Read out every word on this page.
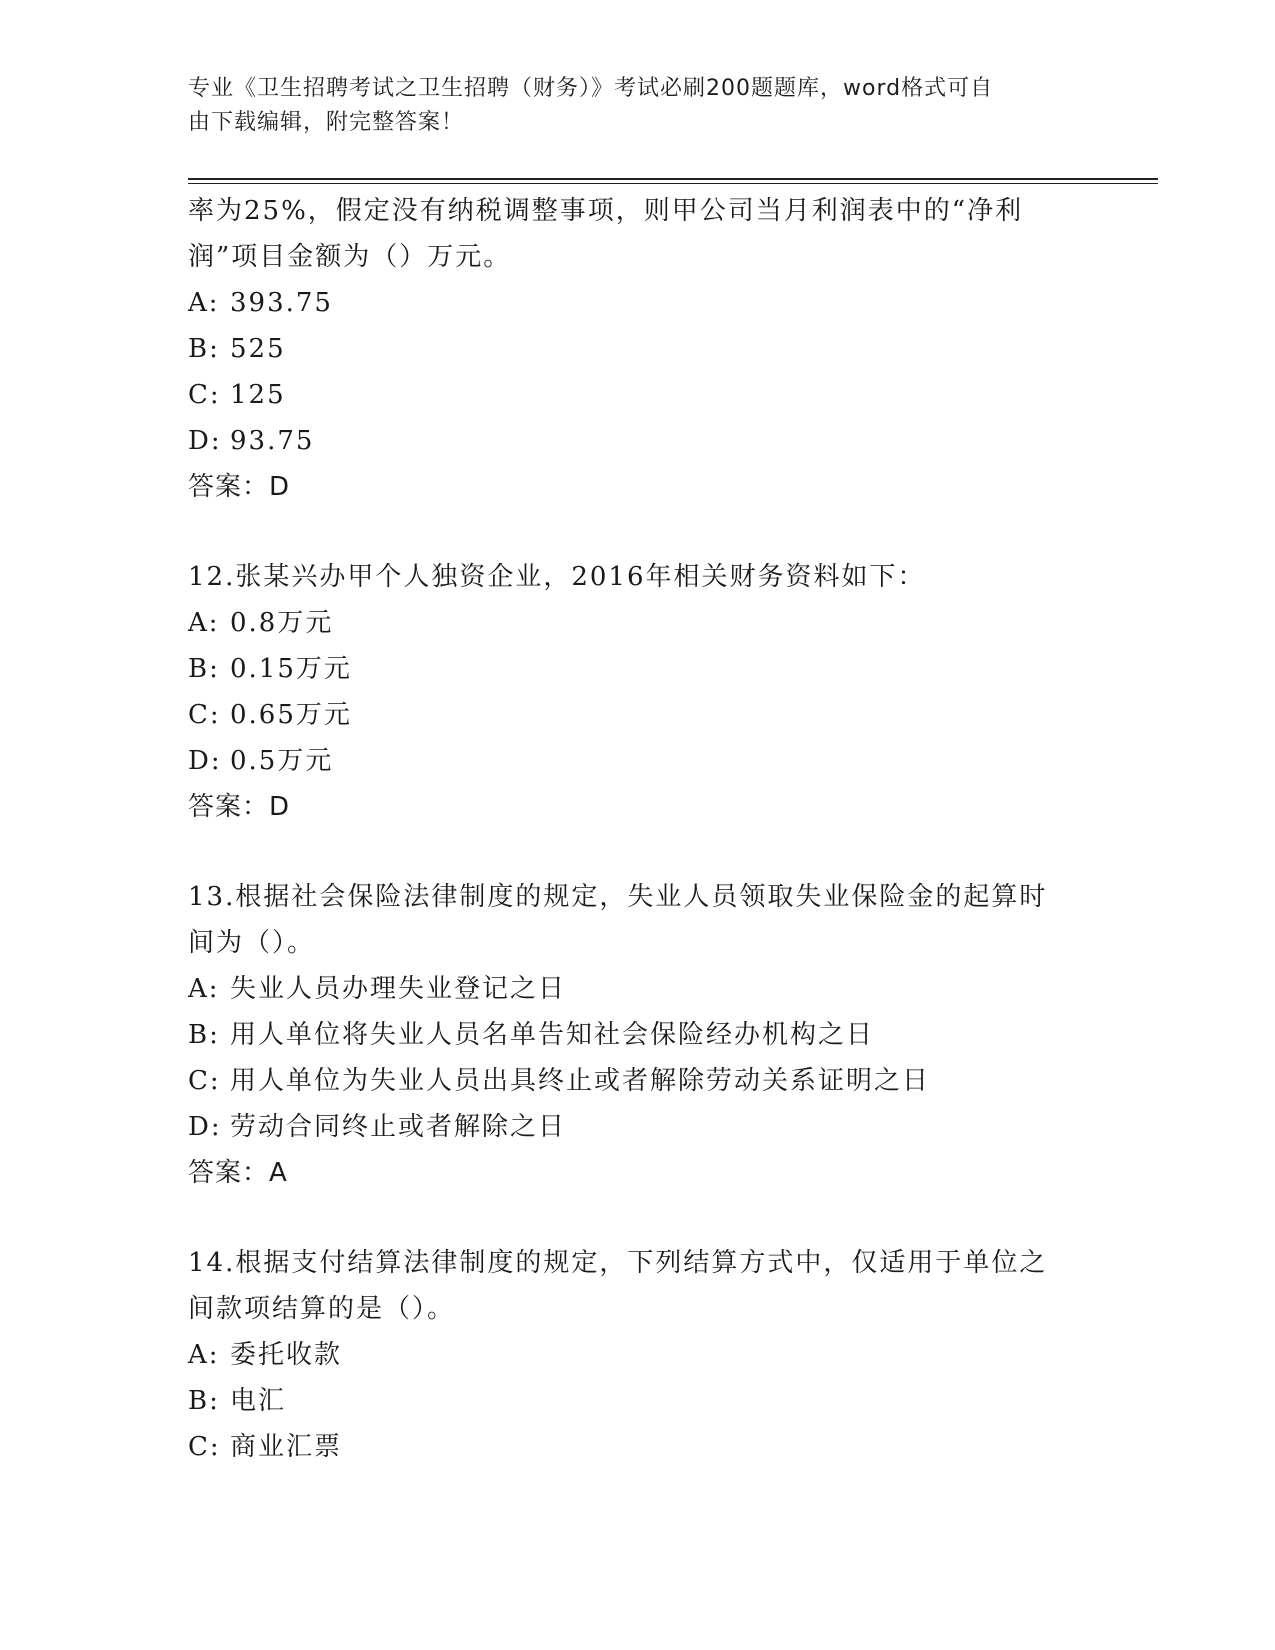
专业《卫生招聘考试之卫生招聘（财务）》考试必刷200题题库，word格式可自
由下载编辑，附完整答案！

率为25%，假定没有纳税调整事项，则甲公司当月利润表中的“净利

润”项目金额为（）万元。

A: 393.75

B: 525

C: 125

D: 93.75

答案：D

12.张某兴办甲个人独资企业，2016年相关财务资料如下：

A: 0.8万元

B: 0.15万元

C: 0.65万元

D: 0.5万元

答案：D

13.根据社会保险法律制度的规定，失业人员领取失业保险金的起算时

间为（）。

A: 失业人员办理失业登记之日

B: 用人单位将失业人员名单告知社会保险经办机构之日

C: 用人单位为失业人员出具终止或者解除劳动关系证明之日

D: 劳动合同终止或者解除之日

答案：A

14.根据支付结算法律制度的规定，下列结算方式中，仅适用于单位之

间款项结算的是（）。

A: 委托收款

B: 电汇

C: 商业汇票
